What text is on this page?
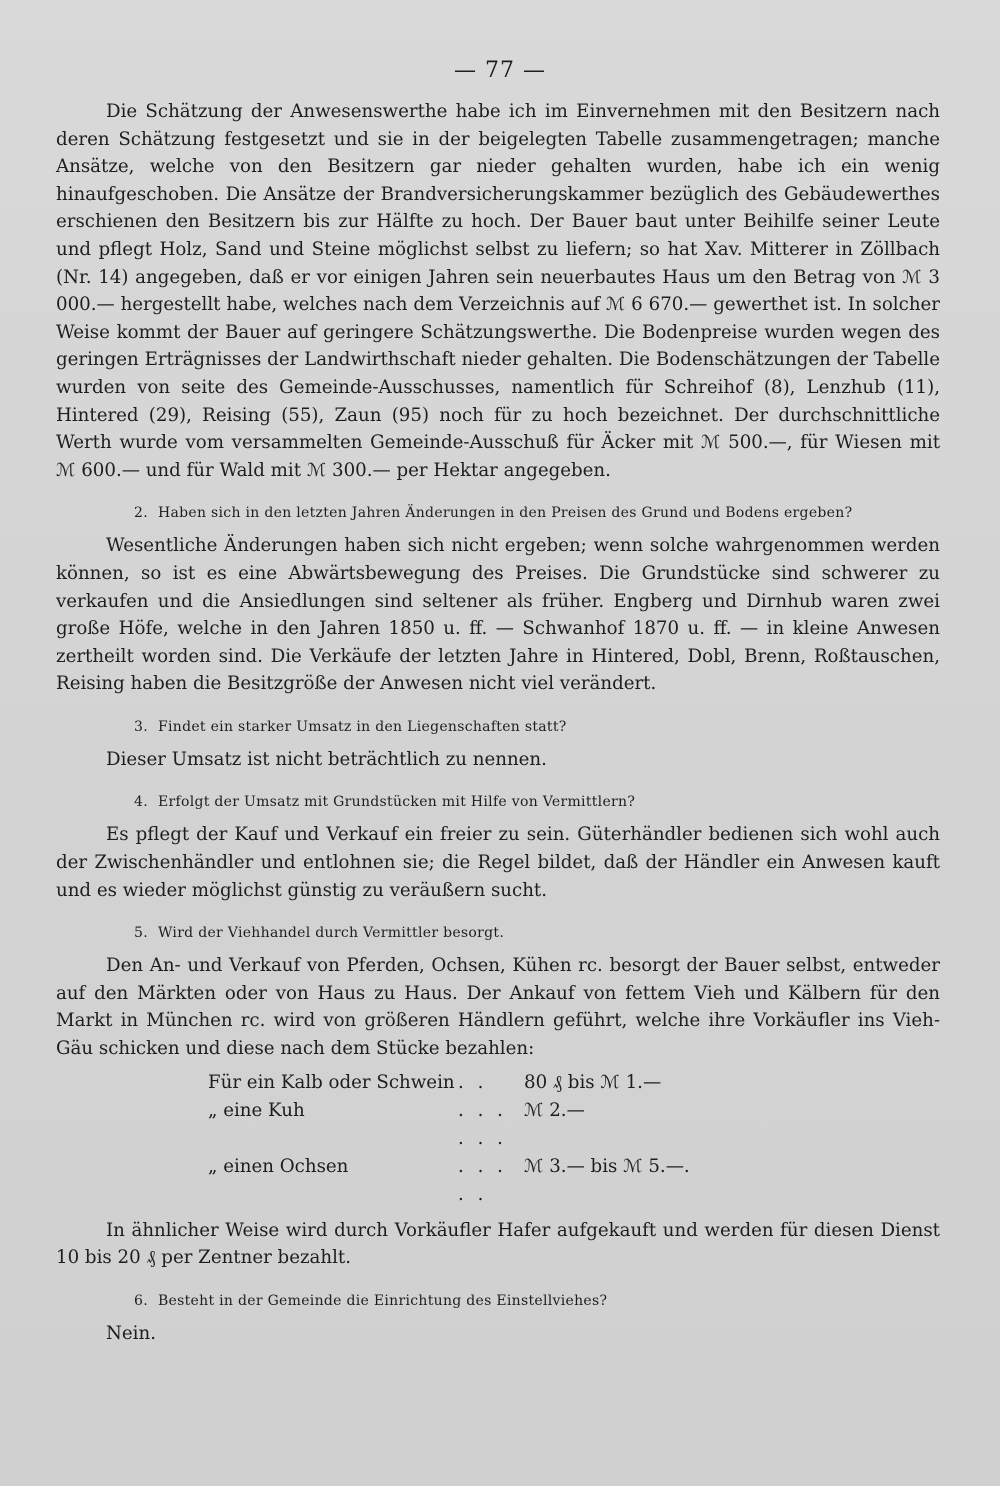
— 77 —

Die Schätzung der Anwesenswerthe habe ich im Einvernehmen mit den Besitzern nach deren Schätzung festgesetzt und sie in der beigelegten Tabelle zusammengetragen; manche Ansätze, welche von den Besitzern gar nieder gehalten wurden, habe ich ein wenig hinaufgeschoben. Die Ansätze der Brandversicherungskammer bezüglich des Gebäudewerthes erschienen den Besitzern bis zur Hälfte zu hoch. Der Bauer baut unter Beihilfe seiner Leute und pflegt Holz, Sand und Steine möglichst selbst zu liefern; so hat Xav. Mitterer in Zöllbach (Nr. 14) angegeben, daß er vor einigen Jahren sein neuerbautes Haus um den Betrag von ℳ 3 000.— hergestellt habe, welches nach dem Verzeichnis auf ℳ 6 670.— gewerthet ist. In solcher Weise kommt der Bauer auf geringere Schätzungswerthe. Die Bodenpreise wurden wegen des geringen Erträgnisses der Landwirthschaft nieder gehalten. Die Bodenschätzungen der Tabelle wurden von seite des Gemeinde-Ausschusses, namentlich für Schreihof (8), Lenzhub (11), Hintered (29), Reising (55), Zaun (95) noch für zu hoch bezeichnet. Der durchschnittliche Werth wurde vom versammelten Gemeinde-Ausschuß für Äcker mit ℳ 500.—, für Wiesen mit ℳ 600.— und für Wald mit ℳ 300.— per Hektar angegeben.

2. Haben sich in den letzten Jahren Änderungen in den Preisen des Grund und Bodens ergeben?

Wesentliche Änderungen haben sich nicht ergeben; wenn solche wahrgenommen werden können, so ist es eine Abwärtsbewegung des Preises. Die Grundstücke sind schwerer zu verkaufen und die Ansiedlungen sind seltener als früher. Engberg und Dirnhub waren zwei große Höfe, welche in den Jahren 1850 u. ff. — Schwanhof 1870 u. ff. — in kleine Anwesen zertheilt worden sind. Die Verkäufe der letzten Jahre in Hintered, Dobl, Brenn, Roßtauschen, Reising haben die Besitzgröße der Anwesen nicht viel verändert.

3. Findet ein starker Umsatz in den Liegenschaften statt?

Dieser Umsatz ist nicht beträchtlich zu nennen.

4. Erfolgt der Umsatz mit Grundstücken mit Hilfe von Vermittlern?

Es pflegt der Kauf und Verkauf ein freier zu sein. Güterhändler bedienen sich wohl auch der Zwischenhändler und entlohnen sie; die Regel bildet, daß der Händler ein Anwesen kauft und es wieder möglichst günstig zu veräußern sucht.

5. Wird der Viehhandel durch Vermittler besorgt.

Den An- und Verkauf von Pferden, Ochsen, Kühen rc. besorgt der Bauer selbst, entweder auf den Märkten oder von Haus zu Haus. Der Ankauf von fettem Vieh und Kälbern für den Markt in München rc. wird von größeren Händlern geführt, welche ihre Vorkäufler ins Vieh-Gäu schicken und diese nach dem Stücke bezahlen:

Für ein Kalb oder Schwein	. .	80 ₰ bis ℳ 1.—
„ eine Kuh	. . . . . .	ℳ 2.—
„ einen Ochsen	. . . . .	ℳ 3.— bis ℳ 5.—.

In ähnlicher Weise wird durch Vorkäufler Hafer aufgekauft und werden für diesen Dienst 10 bis 20 ₰ per Zentner bezahlt.

6. Besteht in der Gemeinde die Einrichtung des Einstellviehes?

Nein.
